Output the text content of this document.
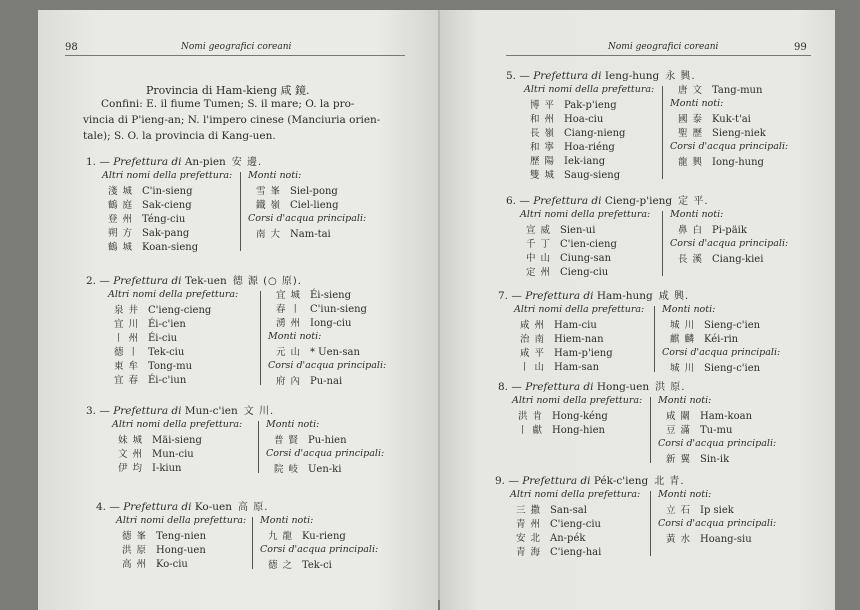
98	Nomi geografici coreani
Provincia di Ham-kieng 咸 鏡.
Confini: E. il fiume Tumen; S. il mare; O. la pro-
vincia di P'ieng-an; N. l'impero cinese (Manciuria orien-
tale); S. O. la provincia di Kang-uen.
1. — Prefettura di An-pien 安 邊.
Altri nomi della prefettura:
淺 城 C'in-sieng
鶴 庭 Sak-cieng
登 州 Téng-ciu
朔 方 Sak-pang
鶴 城 Koan-sieng
Monti noti:
雪 峯 Siel-pong
鐵 嶺 Ciel-lieng
Corsi d'acqua principali:
南 大 Nam-tai
2. — Prefettura di Tek-uen 德 源 (○ 原).
Altri nomi della prefettura:
泉 井 C'ieng-cieng
宜 川 Éi-c'ien
丨 州 Éi-ciu
德 丨 Tek-ciu
東 牟 Tong-mu
宜 春 Éi-c'iun
宜 城 Éi-sieng
春 丨 C'iun-sieng
湧 州 Iong-ciu
Monti noti:
元 山 * Uen-san
Corsi d'acqua principali:
府 內 Pu-nai
3. — Prefettura di Mun-c'ien 文 川.
Altri nomi della prefettura:
妹 城 Mäi-sieng
文 州 Mun-ciu
伊 均 I-kiun
Monti noti:
普 賢 Pu-hien
Corsi d'acqua principali:
院 岐 Uen-ki
4. — Prefettura di Ko-uen 高 原.
Altri nomi della prefettura:
德 峯 Teng-nien
洪 原 Hong-uen
高 州 Ko-ciu
Monti noti:
九 龍 Ku-rieng
Corsi d'acqua principali:
德 之 Tek-ci
Nomi geografici coreani	99
5. — Prefettura di Ieng-hung 永 興.
Altri nomi della prefettura:
博 平 Pak-p'ieng
和 州 Hoa-ciu
長 嶺 Ciang-nieng
和 寧 Hoa-riéng
歷 陽 Iek-iang
雙 城 Saug-sieng
唐 文 Tang-mun
Monti noti:
國 泰 Kuk-t'ai
聖 歷 Sieng-niek
Corsi d'acqua principali:
龍 興 Iong-hung
6. — Prefettura di Cieng-p'ieng 定 平.
Altri nomi della prefettura:
宣 威 Sien-ui
千 丁 C'ien-cieng
中 山 Ciung-san
定 州 Cieng-ciu
Monti noti:
鼻 白 Pi-päik
Corsi d'acqua principali:
長 溪 Ciang-kiei
7. — Prefettura di Ham-hung 咸 興.
Altri nomi della prefettura:
咸 州 Ham-ciu
治 南 Hiem-nan
咸 平 Ham-p'ieng
丨 山 Ham-san
Monti noti:
城 川 Sieng-c'ien
麒 麟 Kéi-rin
Corsi d'acqua principali:
城 川 Sieng-c'ien
8. — Prefettura di Hong-uen 洪 原.
Altri nomi della prefettura:
洪 肯 Hong-kéng
丨 獻 Hong-hien
Monti noti:
咸 關 Ham-koan
豆 滿 Tu-mu
Corsi d'acqua principali:
新 翼 Sin-ik
9. — Prefettura di Pék-c'ieng 北 青.
Altri nomi della prefettura:
三 撒 San-sal
青 州 C'ieng-ciu
安 北 An-pék
青 海 C'ieng-hai
Monti noti:
立 石 Ip siek
Corsi d'acqua principali:
黃 水 Hoang-siu
